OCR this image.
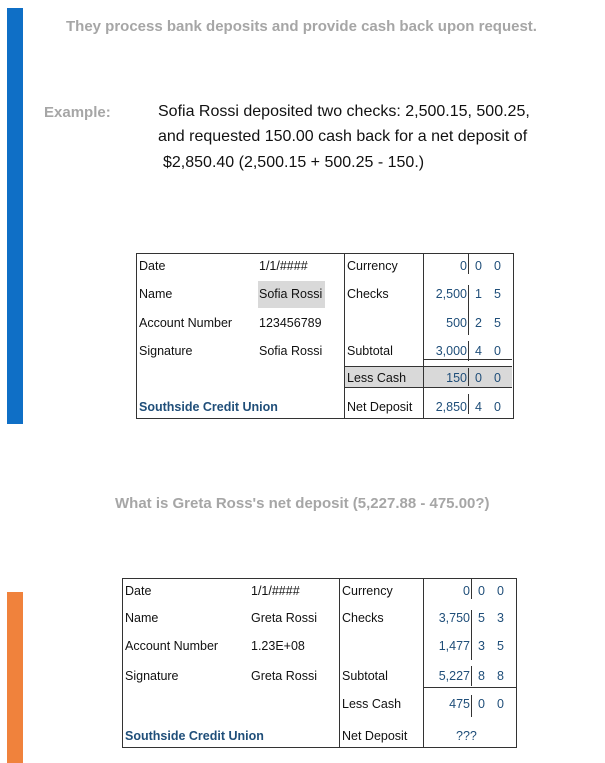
They process bank deposits and provide cash back upon request.
Example:	Sofia Rossi deposited two checks: 2,500.15, 500.25,
and requested 150.00 cash back for a net deposit of
$2,850.40 (2,500.15 + 500.25 - 150.)
Date
Name
Account Number
Signature
Southside Credit Union
1/1/####
Sofia Rossi
123456789
Sofia Rossi
Currency
Checks
Subtotal
Less Cash
Net Deposit
0 0 0
2,500 1 5
500 2 5
3,000 4 0
150 0 0
2,850 4 0
What is Greta Ross's net deposit (5,227.88 - 475.00?)
Date
Name
Account Number
Signature
Southside Credit Union
1/1/####
Greta Rossi
1.23E+08
Greta Rossi
Currency
Checks
Subtotal
Less Cash
Net Deposit
0 0 0
3,750 5 3
1,477 3 5
5,227 8 8
475 0 0
???
